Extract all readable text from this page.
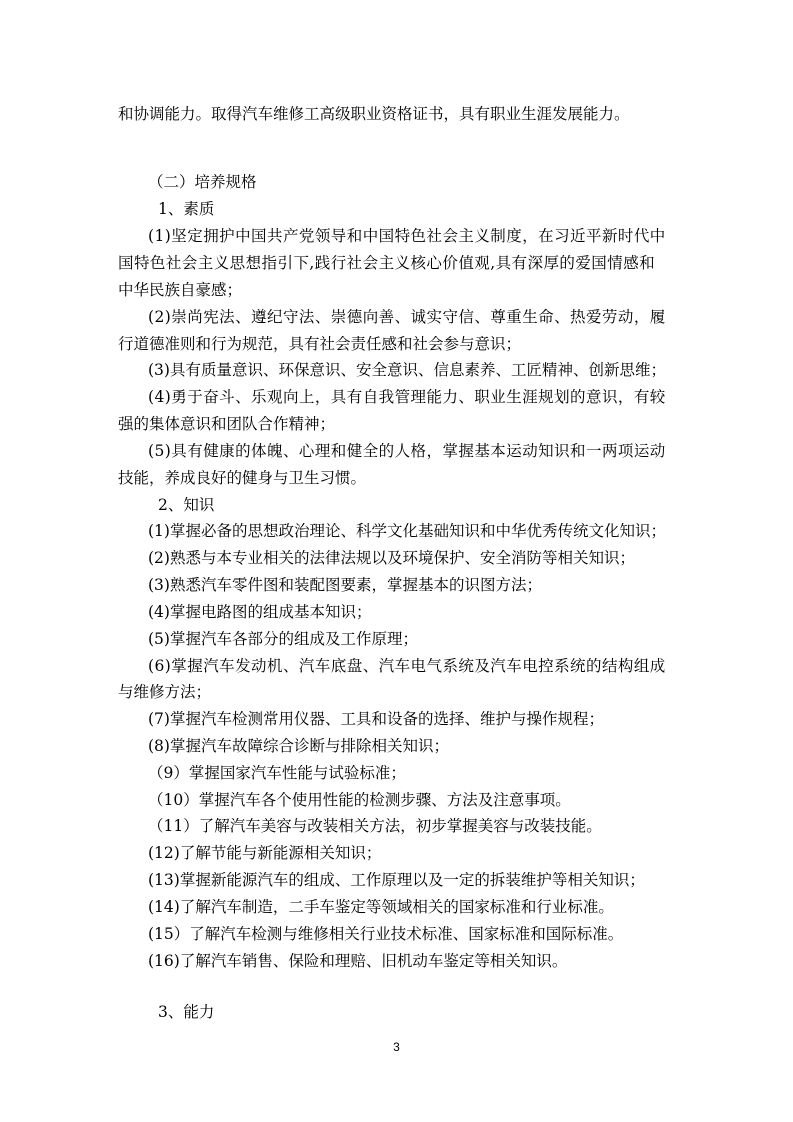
和协调能力。取得汽车维修工高级职业资格证书，具有职业生涯发展能力。
（二）培养规格
1、素质
(1)坚定拥护中国共产党领导和中国特色社会主义制度，在习近平新时代中
国特色社会主义思想指引下,践行社会主义核心价值观,具有深厚的爱国情感和
中华民族自豪感；
(2)崇尚宪法、遵纪守法、崇德向善、诚实守信、尊重生命、热爱劳动，履
行道德准则和行为规范，具有社会责任感和社会参与意识；
(3)具有质量意识、环保意识、安全意识、信息素养、工匠精神、创新思维；
(4)勇于奋斗、乐观向上，具有自我管理能力、职业生涯规划的意识，有较
强的集体意识和团队合作精神；
(5)具有健康的体魄、心理和健全的人格，掌握基本运动知识和一两项运动
技能，养成良好的健身与卫生习惯。
2、知识
(1)掌握必备的思想政治理论、科学文化基础知识和中华优秀传统文化知识；
(2)熟悉与本专业相关的法律法规以及环境保护、安全消防等相关知识；
(3)熟悉汽车零件图和装配图要素，掌握基本的识图方法；
(4)掌握电路图的组成基本知识；
(5)掌握汽车各部分的组成及工作原理；
(6)掌握汽车发动机、汽车底盘、汽车电气系统及汽车电控系统的结构组成
与维修方法；
(7)掌握汽车检测常用仪器、工具和设备的选择、维护与操作规程；
(8)掌握汽车故障综合诊断与排除相关知识；
（9）掌握国家汽车性能与试验标准；
（10）掌握汽车各个使用性能的检测步骤、方法及注意事项。
（11）了解汽车美容与改装相关方法，初步掌握美容与改装技能。
(12)了解节能与新能源相关知识；
(13)掌握新能源汽车的组成、工作原理以及一定的拆装维护等相关知识；
(14)了解汽车制造，二手车鉴定等领域相关的国家标准和行业标准。
(15）了解汽车检测与维修相关行业技术标准、国家标准和国际标准。
(16)了解汽车销售、保险和理赔、旧机动车鉴定等相关知识。
3、能力
3
